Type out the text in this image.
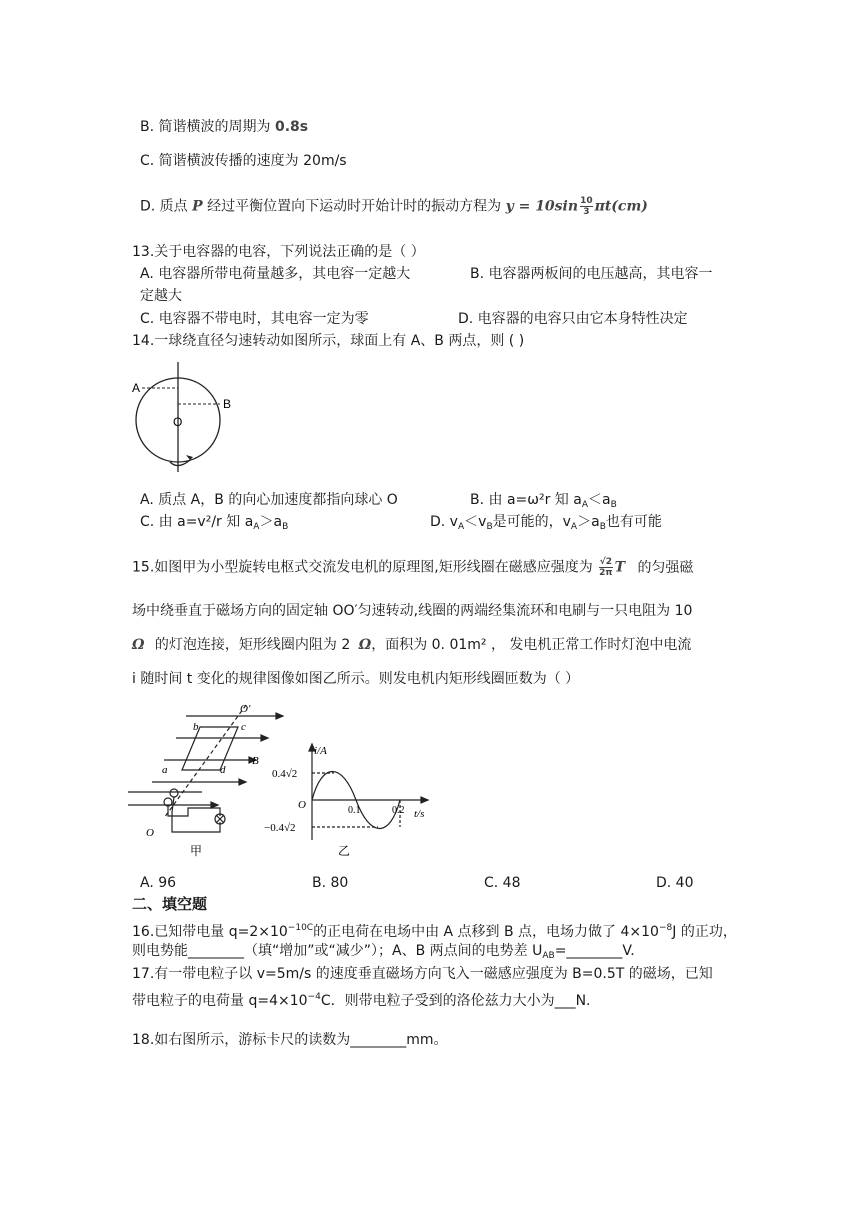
B. 简谐横波的周期为 0.8s
C. 简谐横波传播的速度为 20m/s
D. 质点 P 经过平衡位置向下运动时开始计时的振动方程为 $y = 10\sin \frac{10}{3} \pi t(cm)$
13.关于电容器的电容，下列说法正确的是（ ）
A. 电容器所带电荷量越多，其电容一定越大	B. 电容器两板间的电压越高，其电容一
定越大
C. 电容器不带电时，其电容一定为零	D. 电容器的电容只由它本身特性决定
14.一球绕直径匀速转动如图所示，球面上有 A、B 两点，则 ( )
A
B
O
A. 质点 A，B 的向心加速度都指向球心 O	B. 由 a=ω²r 知 $a_A<a_B$
C. 由 a=v²/r 知 $a_A>a_B$	D. $v_A<v_B$是可能的，$v_A>a_B$也有可能
15.如图甲为小型旋转电枢式交流发电机的原理图,矩形线圈在磁感应强度为 $\frac{√2}{2\pi}$ T 的匀强磁
场中绕垂直于磁场方向的固定轴 OO′匀速转动,线圈的两端经集流环和电刷与一只电阻为 10
Ω 的灯泡连接，矩形线圈内阻为 2 Ω，面积为 0. 01m² ， 发电机正常工作时灯泡中电流
i 随时间 t 变化的规律图像如图乙所示。则发电机内矩形线圈匝数为（ ）
O′
b	c
a	d
B
O
甲
i/A
0.4√2
O	0.1	0.2 t/s
−0.4√2
乙
A. 96	B. 80	C. 48	D. 40
二、填空题
16.已知带电量 $q=2\times 10^{-10C}$的正电荷在电场中由 A 点移到 B 点，电场力做了 $4\times 10^{-8}J$ 的正功，
则电势能________（填“增加”或“减少”）；A、B 两点间的电势差 $U_{AB}=\_\_\_\_\_\_\_\_V$.
17.有一带电粒子以 v=5m/s 的速度垂直磁场方向飞入一磁感应强度为 B=0.5T 的磁场，已知
带电粒子的电荷量 $q=4\times 10^{-4}C$．则带电粒子受到的洛伦兹力大小为___N.
18.如右图所示，游标卡尺的读数为________mm。
